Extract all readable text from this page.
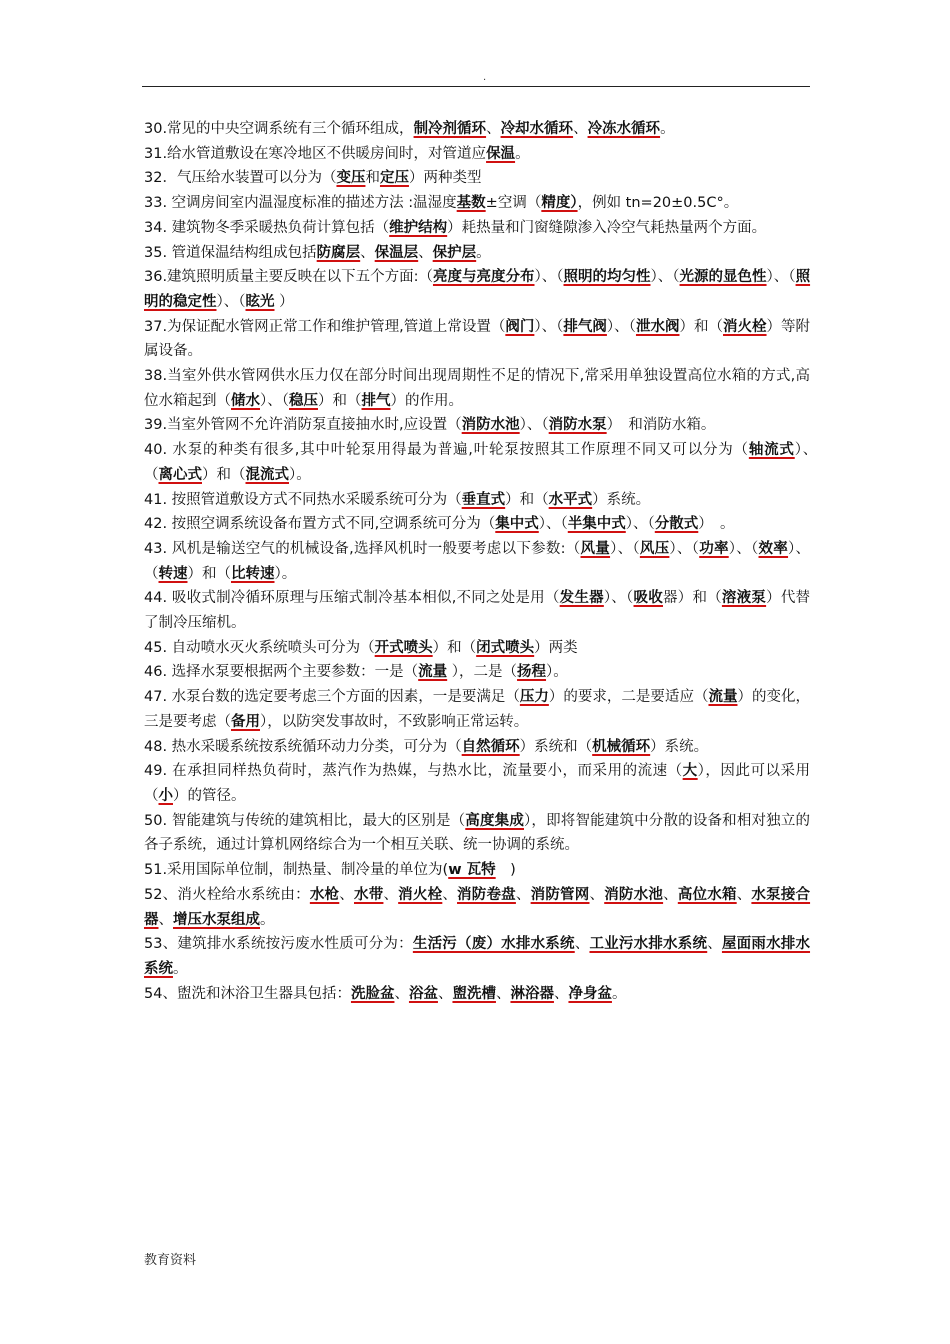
.

30.常见的中央空调系统有三个循环组成，制冷剂循环、冷却水循环、冷冻水循环。

31.给水管道敷设在寒冷地区不供暖房间时，对管道应保温。

32．气压给水装置可以分为（变压和定压）两种类型

33. 空调房间室内温湿度标准的描述方法 :温湿度基数±空调（精度），例如 tn=20±0.5C°。

34. 建筑物冬季采暖热负荷计算包括（维护结构）耗热量和门窗缝隙渗入冷空气耗热量两个方面。

35. 管道保温结构组成包括防腐层、保温层、保护层。

36.建筑照明质量主要反映在以下五个方面:（亮度与亮度分布）、（照明的均匀性）、（光源的显色性）、（照明的稳定性）、（眩光 ）

37.为保证配水管网正常工作和维护管理,管道上常设置（阀门）、（排气阀）、（泄水阀）和（消火栓）等附属设备。

38.当室外供水管网供水压力仅在部分时间出现周期性不足的情况下,常采用单独设置高位水箱的方式,高位水箱起到（储水）、（稳压）和（排气）的作用。

39.当室外管网不允许消防泵直接抽水时,应设置（消防水池）、（消防水泵）　和消防水箱。

40. 水泵的种类有很多,其中叶轮泵用得最为普遍,叶轮泵按照其工作原理不同又可以分为（轴流式）、　（离心式）和（混流式）。

41. 按照管道敷设方式不同热水采暖系统可分为（垂直式）和（水平式）系统。

42. 按照空调系统设备布置方式不同,空调系统可分为（集中式）、（半集中式）、（分散式）　。

43. 风机是输送空气的机械设备,选择风机时一般要考虑以下参数:（风量）、（风压）、（功率）、（效率）、（转速）和（比转速）。

44. 吸收式制冷循环原理与压缩式制冷基本相似,不同之处是用（发生器）、（吸收器）和（溶液泵）代替了制冷压缩机。

45. 自动喷水灭火系统喷头可分为（开式喷头）和（闭式喷头）两类

46. 选择水泵要根据两个主要参数：一是（流量 ），二是（扬程）。

47. 水泵台数的选定要考虑三个方面的因素，一是要满足（压力）的要求，二是要适应（流量）的变化，三是要考虑（备用），以防突发事故时，不致影响正常运转。

48. 热水采暖系统按系统循环动力分类，可分为（自然循环）系统和（机械循环）系统。

49. 在承担同样热负荷时，蒸汽作为热媒，与热水比，流量要小，而采用的流速（大），因此可以采用（小）的管径。

50. 智能建筑与传统的建筑相比，最大的区别是（高度集成），即将智能建筑中分散的设备和相对独立的各子系统，通过计算机网络综合为一个相互关联、统一协调的系统。

51.采用国际单位制，制热量、制冷量的单位为(w 瓦特　)

52、消火栓给水系统由：水枪、水带、消火栓、消防卷盘、消防管网、消防水池、高位水箱、水泵接合器、增压水泵组成。

53、建筑排水系统按污废水性质可分为：生活污（废）水排水系统、工业污水排水系统、屋面雨水排水系统。

54、盥洗和沐浴卫生器具包括：洗脸盆、浴盆、盥洗槽、淋浴器、净身盆。

教育资料
